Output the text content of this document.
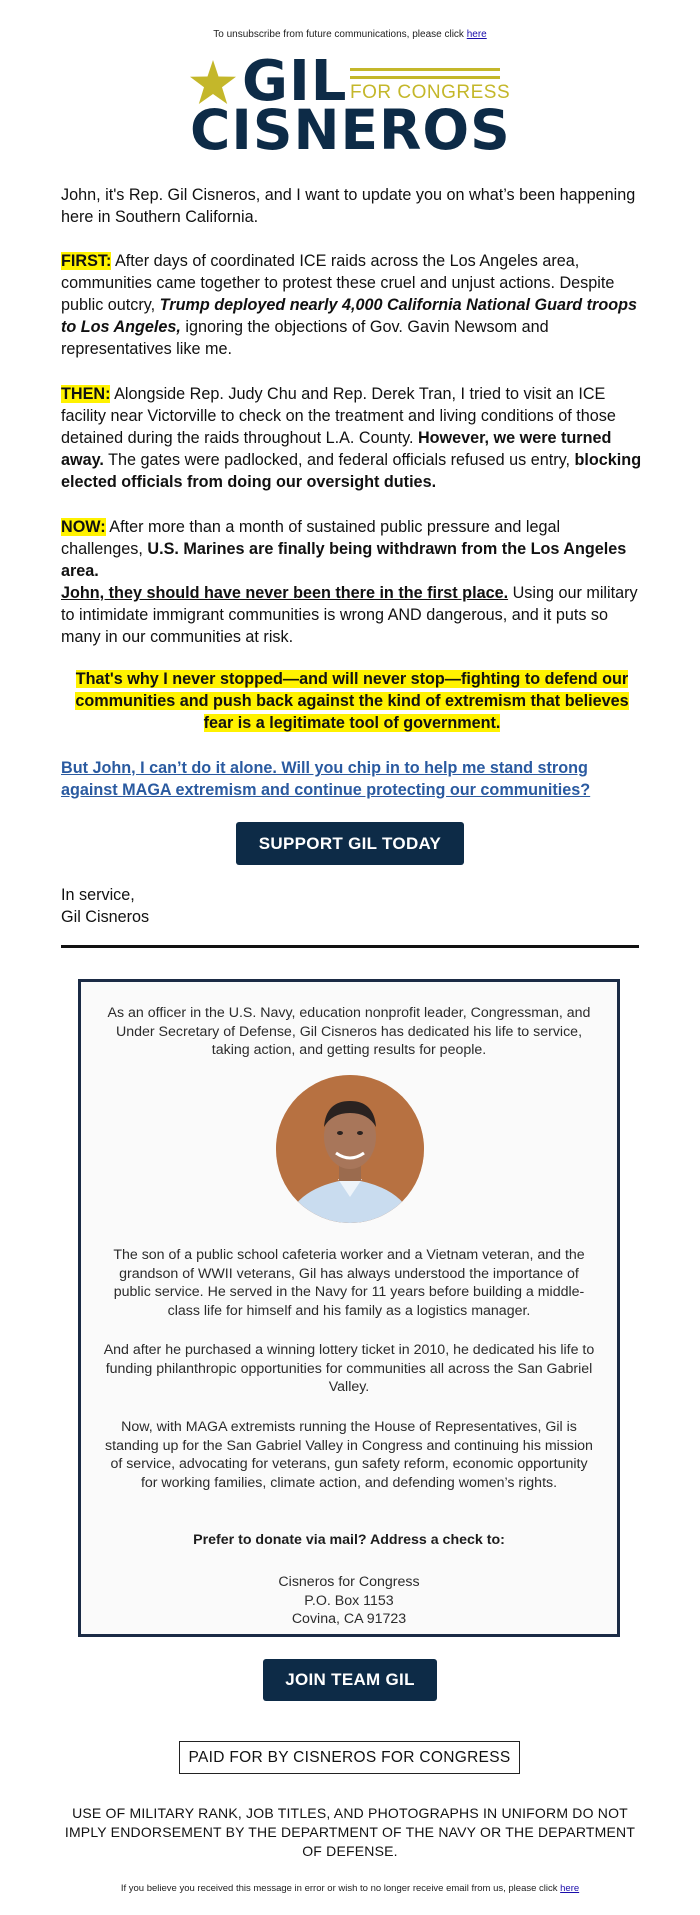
To unsubscribe from future communications, please click here
GIL FOR CONGRESS
CISNEROS

John, it's Rep. Gil Cisneros, and I want to update you on what’s been happening here in Southern California.

FIRST: After days of coordinated ICE raids across the Los Angeles area, communities came together to protest these cruel and unjust actions. Despite public outcry, Trump deployed nearly 4,000 California National Guard troops to Los Angeles, ignoring the objections of Gov. Gavin Newsom and representatives like me.

THEN: Alongside Rep. Judy Chu and Rep. Derek Tran, I tried to visit an ICE facility near Victorville to check on the treatment and living conditions of those detained during the raids throughout L.A. County. However, we were turned away. The gates were padlocked, and federal officials refused us entry, blocking elected officials from doing our oversight duties.

NOW: After more than a month of sustained public pressure and legal challenges, U.S. Marines are finally being withdrawn from the Los Angeles area.

John, they should have never been there in the first place. Using our military to intimidate immigrant communities is wrong AND dangerous, and it puts so many in our communities at risk.

That's why I never stopped—and will never stop—fighting to defend our communities and push back against the kind of extremism that believes fear is a legitimate tool of government.
But John, I can’t do it alone. Will you chip in to help me stand strong against MAGA extremism and continue protecting our communities?
SUPPORT GIL TODAY
In service,
Gil Cisneros
As an officer in the U.S. Navy, education nonprofit leader, Congressman, and Under Secretary of Defense, Gil Cisneros has dedicated his life to service, taking action, and getting results for people.
The son of a public school cafeteria worker and a Vietnam veteran, and the grandson of WWII veterans, Gil has always understood the importance of public service. He served in the Navy for 11 years before building a middle-class life for himself and his family as a logistics manager.
And after he purchased a winning lottery ticket in 2010, he dedicated his life to funding philanthropic opportunities for communities all across the San Gabriel Valley.
Now, with MAGA extremists running the House of Representatives, Gil is standing up for the San Gabriel Valley in Congress and continuing his mission of service, advocating for veterans, gun safety reform, economic opportunity for working families, climate action, and defending women’s rights.
Prefer to donate via mail? Address a check to:
Cisneros for Congress
P.O. Box 1153
Covina, CA 91723
JOIN TEAM GIL
PAID FOR BY CISNEROS FOR CONGRESS
USE OF MILITARY RANK, JOB TITLES, AND PHOTOGRAPHS IN UNIFORM DO NOT IMPLY ENDORSEMENT BY THE DEPARTMENT OF THE NAVY OR THE DEPARTMENT OF DEFENSE.
If you believe you received this message in error or wish to no longer receive email from us, please click here
